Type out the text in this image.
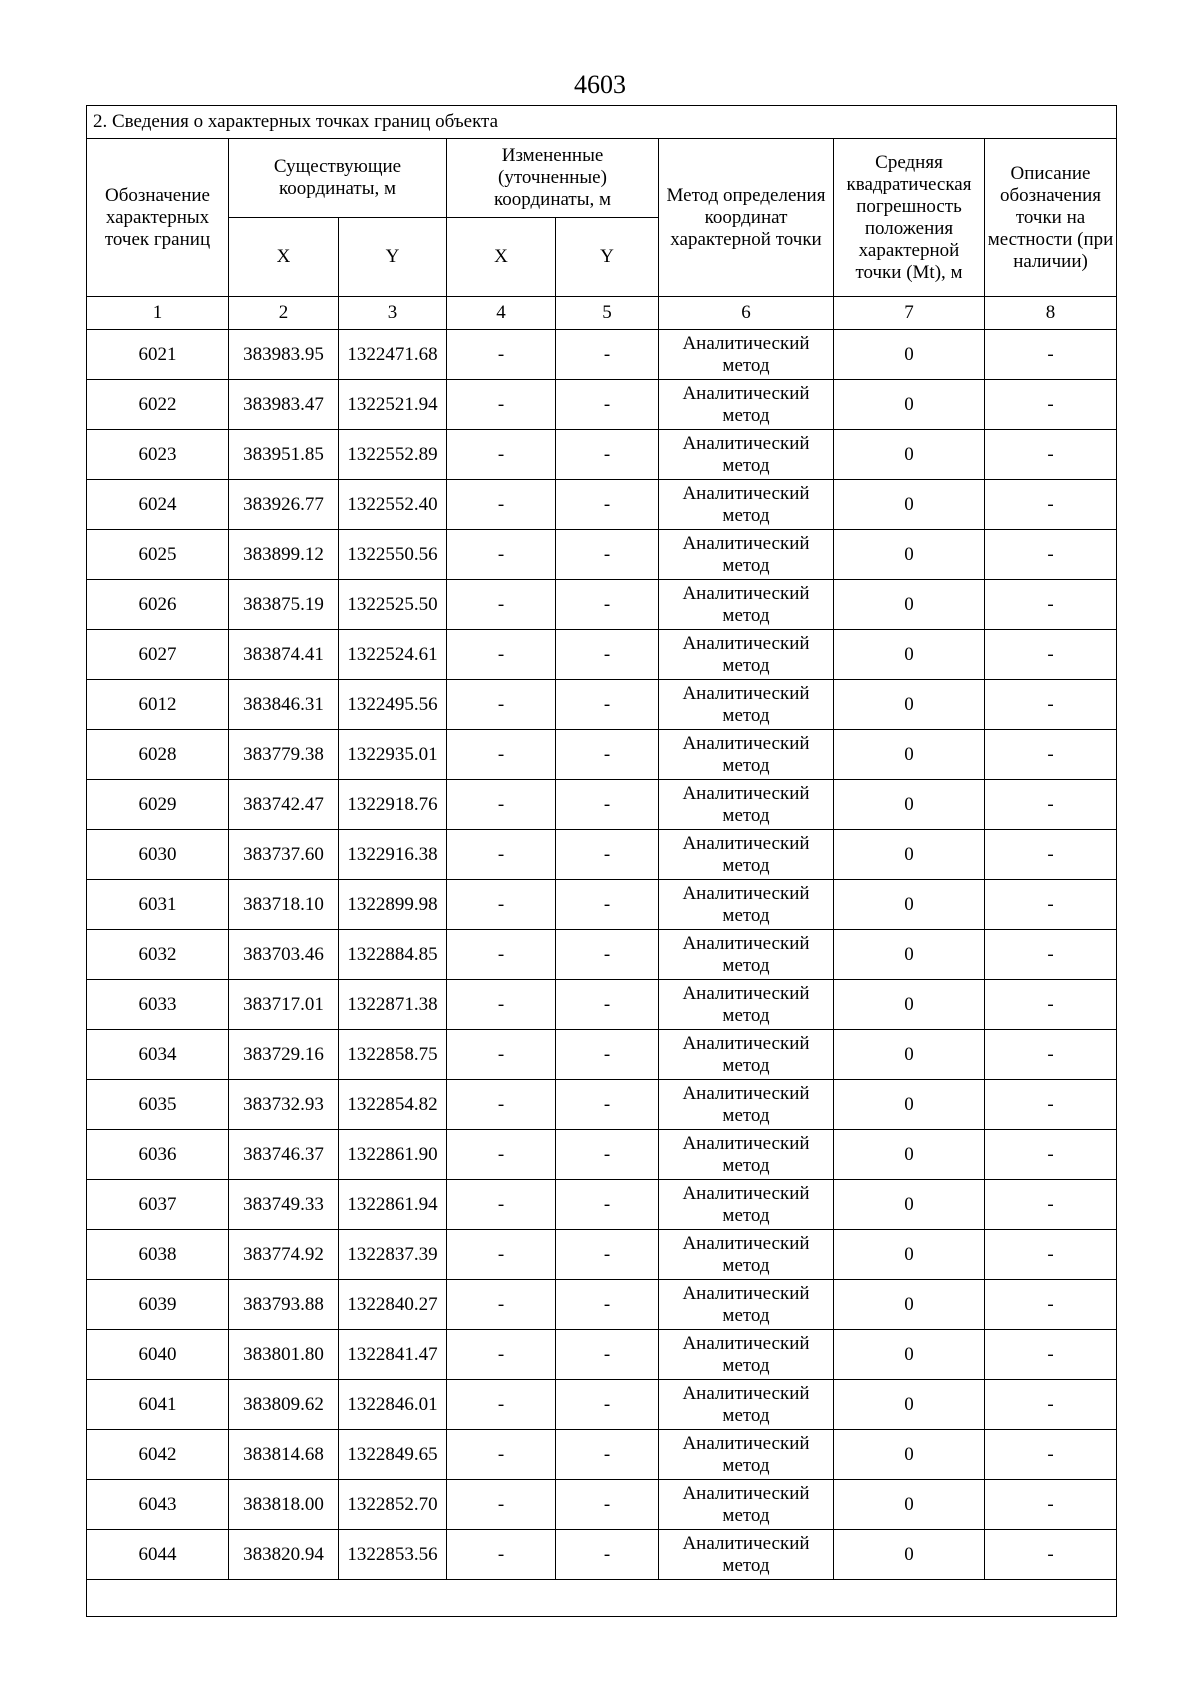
4603
2. Сведения о характерных точках границ объекта							
Обозначение характерных точек границ	Существующие координаты, м		Измененные (уточненные) координаты, м		Метод определения координат характерной точки	Средняя квадратическая погрешность положения характерной точки (Mt), м	Описание обозначения точки на местности (при наличии)
	X	Y	X	Y			
1	2	3	4	5	6	7	8
6021	383983.95	1322471.68	-	-	Аналитический метод	0	-
6022	383983.47	1322521.94	-	-	Аналитический метод	0	-
6023	383951.85	1322552.89	-	-	Аналитический метод	0	-
6024	383926.77	1322552.40	-	-	Аналитический метод	0	-
6025	383899.12	1322550.56	-	-	Аналитический метод	0	-
6026	383875.19	1322525.50	-	-	Аналитический метод	0	-
6027	383874.41	1322524.61	-	-	Аналитический метод	0	-
6012	383846.31	1322495.56	-	-	Аналитический метод	0	-
6028	383779.38	1322935.01	-	-	Аналитический метод	0	-
6029	383742.47	1322918.76	-	-	Аналитический метод	0	-
6030	383737.60	1322916.38	-	-	Аналитический метод	0	-
6031	383718.10	1322899.98	-	-	Аналитический метод	0	-
6032	383703.46	1322884.85	-	-	Аналитический метод	0	-
6033	383717.01	1322871.38	-	-	Аналитический метод	0	-
6034	383729.16	1322858.75	-	-	Аналитический метод	0	-
6035	383732.93	1322854.82	-	-	Аналитический метод	0	-
6036	383746.37	1322861.90	-	-	Аналитический метод	0	-
6037	383749.33	1322861.94	-	-	Аналитический метод	0	-
6038	383774.92	1322837.39	-	-	Аналитический метод	0	-
6039	383793.88	1322840.27	-	-	Аналитический метод	0	-
6040	383801.80	1322841.47	-	-	Аналитический метод	0	-
6041	383809.62	1322846.01	-	-	Аналитический метод	0	-
6042	383814.68	1322849.65	-	-	Аналитический метод	0	-
6043	383818.00	1322852.70	-	-	Аналитический метод	0	-
6044	383820.94	1322853.56	-	-	Аналитический метод	0	-
